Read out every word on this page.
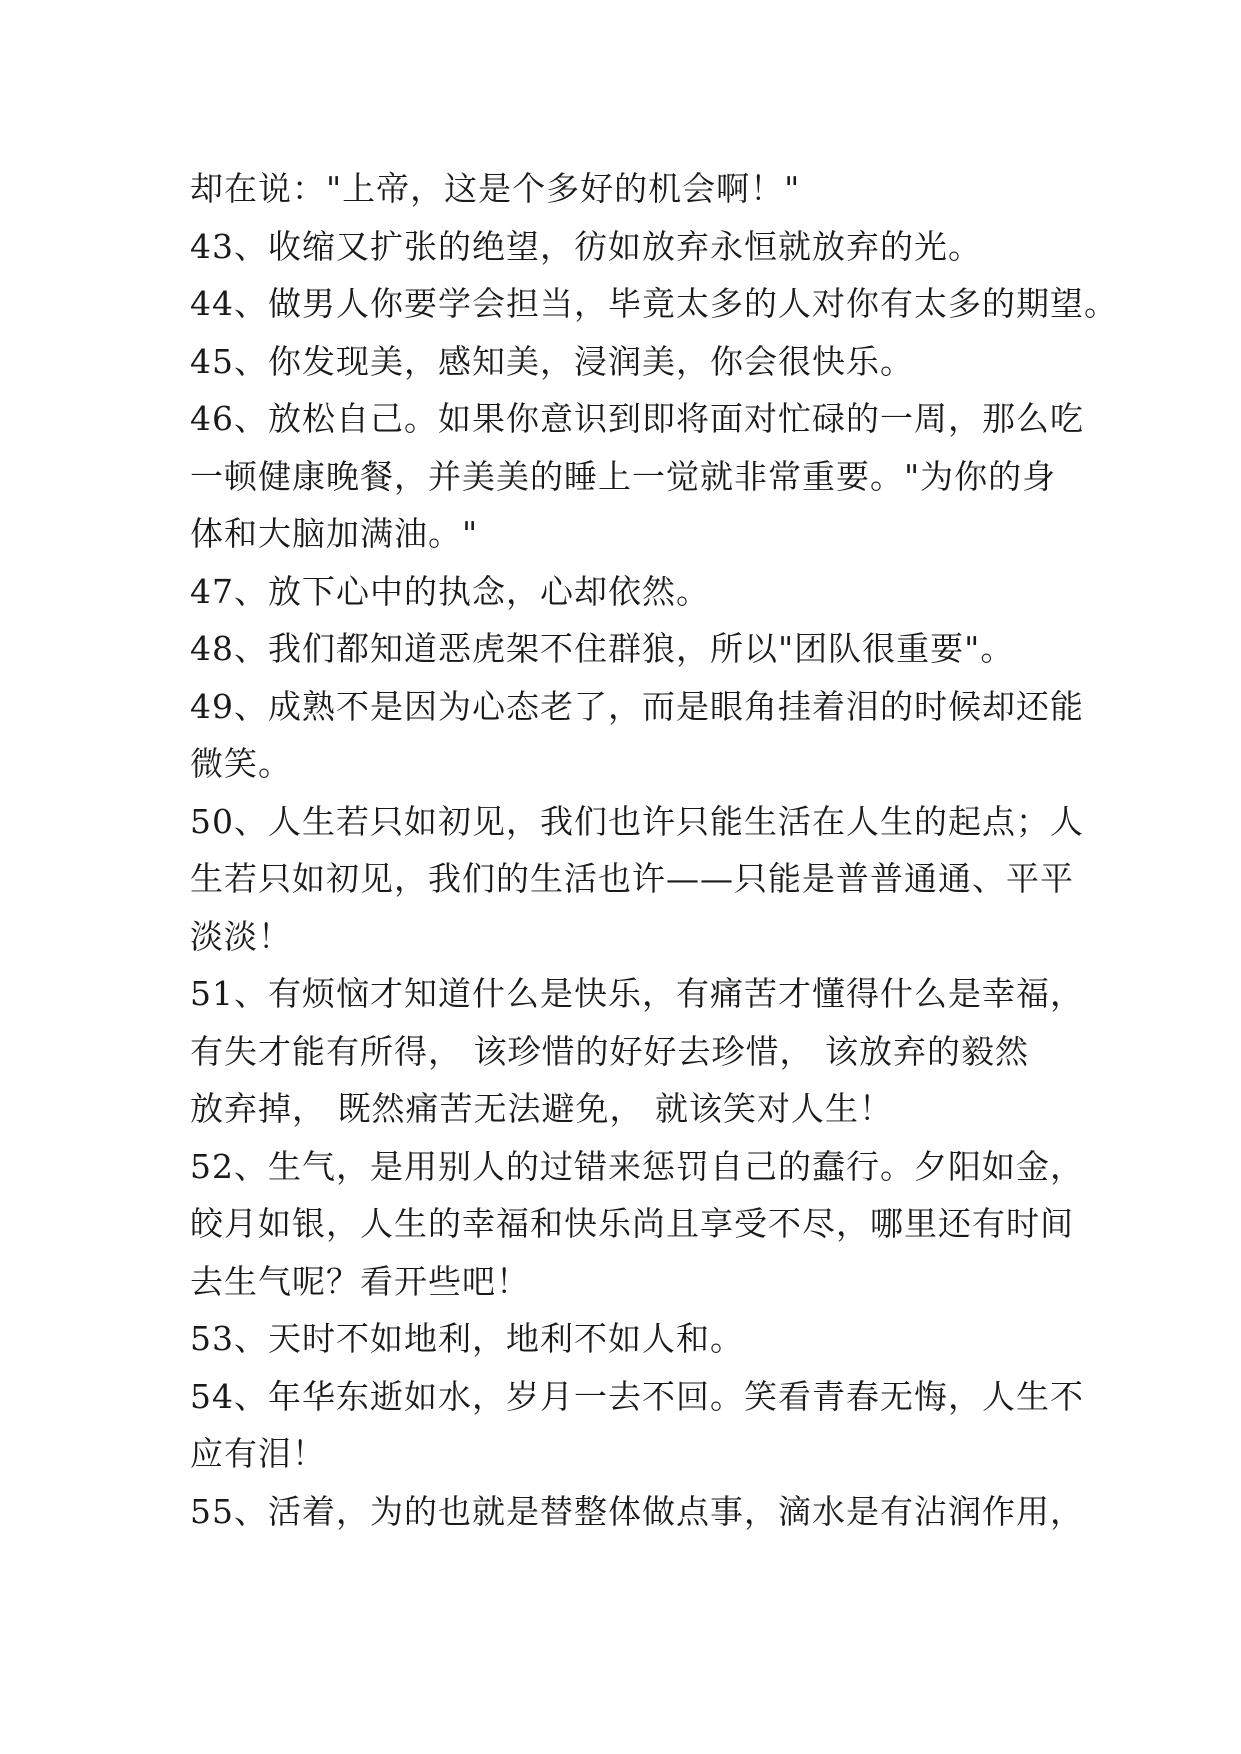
却在说："上帝，这是个多好的机会啊！"
43、收缩又扩张的绝望，彷如放弃永恒就放弃的光。
44、做男人你要学会担当，毕竟太多的人对你有太多的期望。
45、你发现美，感知美，浸润美，你会很快乐。
46、放松自己。如果你意识到即将面对忙碌的一周，那么吃
一顿健康晚餐，并美美的睡上一觉就非常重要。"为你的身
体和大脑加满油。"
47、放下心中的执念，心却依然。
48、我们都知道恶虎架不住群狼，所以"团队很重要"。
49、成熟不是因为心态老了，而是眼角挂着泪的时候却还能
微笑。
50、人生若只如初见，我们也许只能生活在人生的起点；人
生若只如初见，我们的生活也许——只能是普普通通、平平
淡淡！
51、有烦恼才知道什么是快乐，有痛苦才懂得什么是幸福，
有失才能有所得， 该珍惜的好好去珍惜， 该放弃的毅然
放弃掉， 既然痛苦无法避免， 就该笑对人生！
52、生气，是用别人的过错来惩罚自己的蠢行。夕阳如金，
皎月如银，人生的幸福和快乐尚且享受不尽，哪里还有时间
去生气呢？看开些吧！
53、天时不如地利，地利不如人和。
54、年华东逝如水，岁月一去不回。笑看青春无悔，人生不
应有泪！
55、活着，为的也就是替整体做点事，滴水是有沾润作用，
